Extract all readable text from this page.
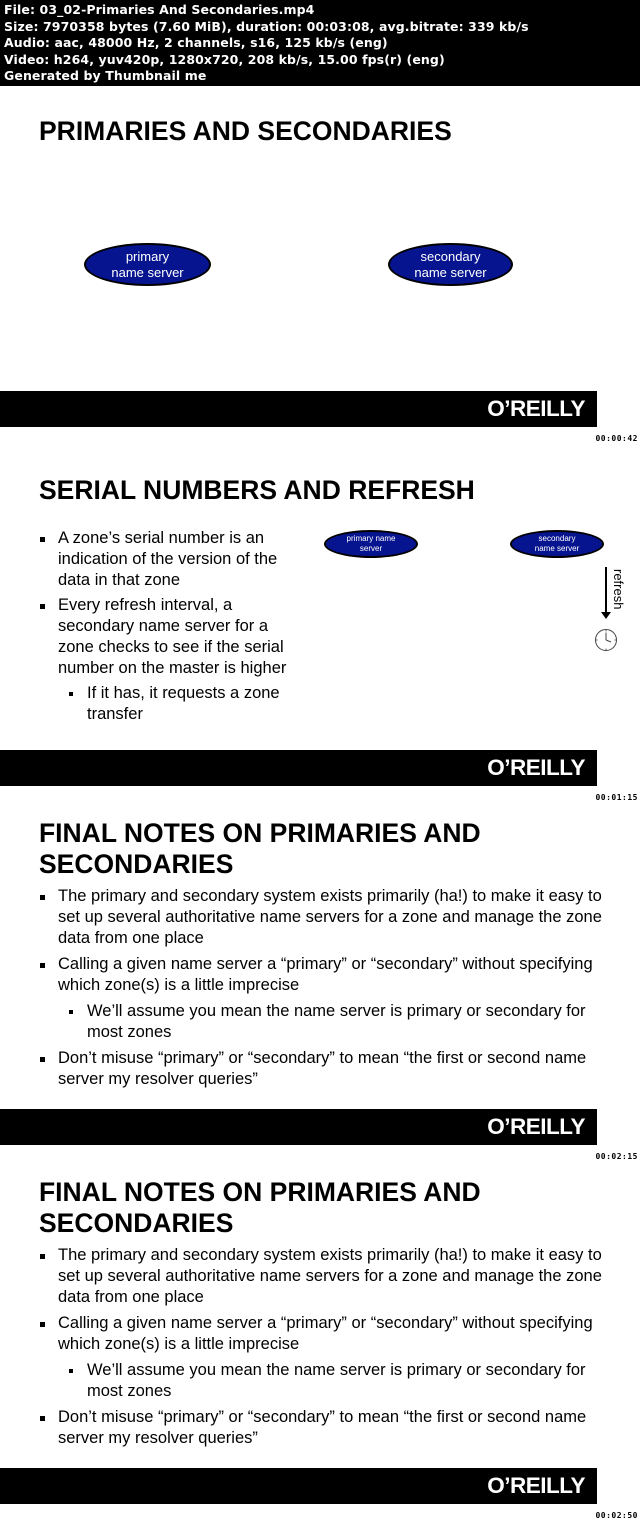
File: 03_02-Primaries And Secondaries.mp4
Size: 7970358 bytes (7.60 MiB), duration: 00:03:08, avg.bitrate: 339 kb/s
Audio: aac, 48000 Hz, 2 channels, s16, 125 kb/s (eng)
Video: h264, yuv420p, 1280x720, 208 kb/s, 15.00 fps(r) (eng)
Generated by Thumbnail me
PRIMARIES AND SECONDARIES
primary
name server
secondary
name server
O’REILLY
00:00:42
SERIAL NUMBERS AND REFRESH
A zone’s serial number is an indication of the version of the data in that zone
Every refresh interval, a secondary name server for a zone checks to see if the serial number on the master is higher
If it has, it requests a zone transfer
primary name server
secondary name server
refresh
O’REILLY
00:01:15
FINAL NOTES ON PRIMARIES AND SECONDARIES
The primary and secondary system exists primarily (ha!) to make it easy to set up several authoritative name servers for a zone and manage the zone data from one place
Calling a given name server a “primary” or “secondary” without specifying which zone(s) is a little imprecise
We’ll assume you mean the name server is primary or secondary for most zones
Don’t misuse “primary” or “secondary” to mean “the first or second name server my resolver queries”
O’REILLY
00:02:15
FINAL NOTES ON PRIMARIES AND SECONDARIES
The primary and secondary system exists primarily (ha!) to make it easy to set up several authoritative name servers for a zone and manage the zone data from one place
Calling a given name server a “primary” or “secondary” without specifying which zone(s) is a little imprecise
We’ll assume you mean the name server is primary or secondary for most zones
Don’t misuse “primary” or “secondary” to mean “the first or second name server my resolver queries”
O’REILLY
00:02:50
